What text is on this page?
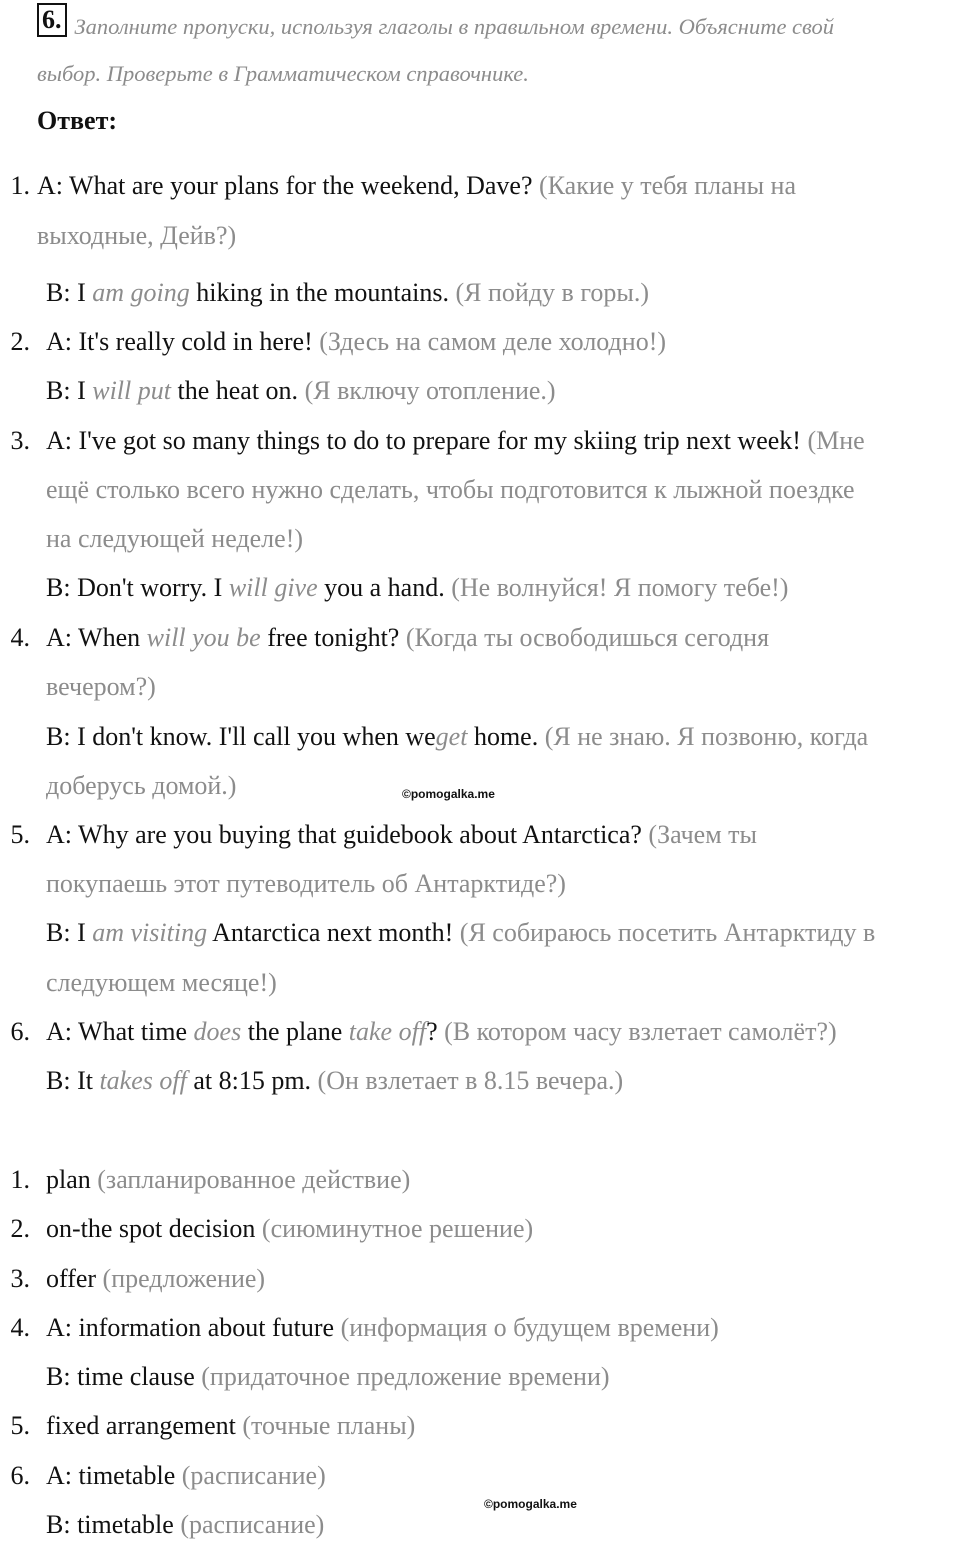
6. Заполните пропуски, используя глаголы в правильном времени. Объясните свой
выбор. Проверьте в Грамматическом справочнике.
Ответ:
1. A: What are your plans for the weekend, Dave? (Какие у тебя планы на
выходные, Дейв?)
B: I am going hiking in the mountains. (Я пойду в горы.)
2. A: It's really cold in here! (Здесь на самом деле холодно!)
B: I will put the heat on. (Я включу отопление.)
3. A: I've got so many things to do to prepare for my skiing trip next week! (Мне
ещё столько всего нужно сделать, чтобы подготовится к лыжной поездке
на следующей неделе!)
B: Don't worry. I will give you a hand. (Не волнуйся! Я помогу тебе!)
4. A: When will you be free tonight? (Когда ты освободишься сегодня
вечером?)
B: I don't know. I'll call you when weget home. (Я не знаю. Я позвоню, когда
доберусь домой.)	©pomogalka.me
5. A: Why are you buying that guidebook about Antarctica? (Зачем ты
покупаешь этот путеводитель об Антарктиде?)
B: I am visiting Antarctica next month! (Я собираюсь посетить Антарктиду в
следующем месяце!)
6. A: What time does the plane take off? (В котором часу взлетает самолёт?)
B: It takes off at 8:15 pm. (Он взлетает в 8.15 вечера.)
1. plan (запланированное действие)
2. on-the spot decision (сиюминутное решение)
3. offer (предложение)
4. A: information about future (информация о будущем времени)
B: time clause (придаточное предложение времени)
5. fixed arrangement (точные планы)
6. A: timetable (расписание)
©pomogalka.me
B: timetable (расписание)
